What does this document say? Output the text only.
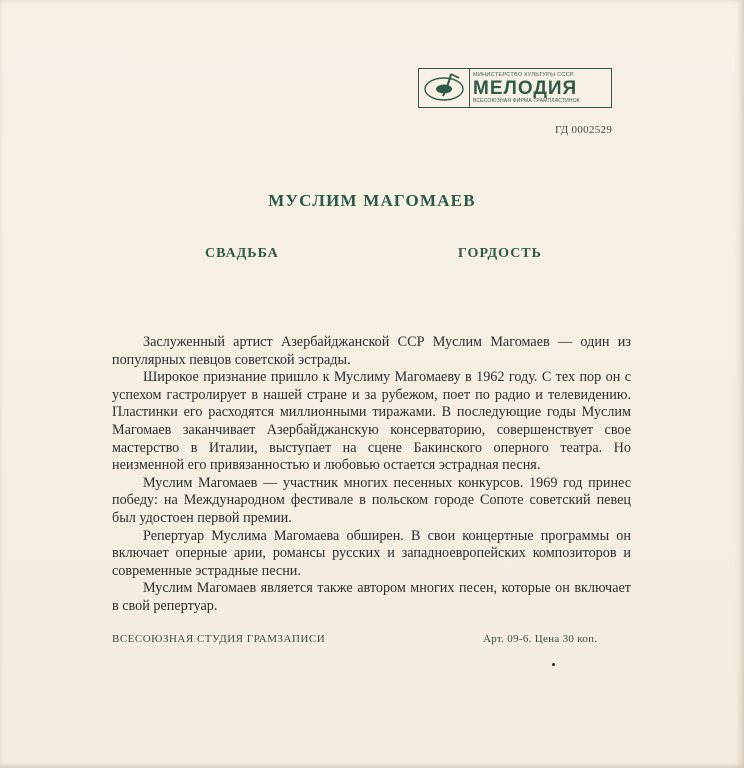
МИНИСТЕРСТВО КУЛЬТУРЫ СССР
МЕЛОДИЯ
ВСЕСОЮЗНАЯ ФИРМА ГРАМПЛАСТИНОК
ГД 0002529
МУСЛИМ МАГОМАЕВ
СВАДЬБА	ГОРДОСТЬ

Заслуженный артист Азербайджанской ССР Муслим Магомаев — один из популярных певцов советской эстрады.

Широкое признание пришло к Муслиму Магомаеву в 1962 году. С тех пор он с успехом гастролирует в нашей стране и за рубежом, поет по радио и телевидению. Пластинки его расходятся миллионными тиражами. В последующие годы Муслим Магомаев заканчивает Азербайджанскую консерваторию, совершенствует свое мастерство в Италии, выступает на сцене Бакинского оперного театра. Но неизменной его привязанностью и любовью остается эстрадная песня.

Муслим Магомаев — участник многих песенных конкурсов. 1969 год принес победу: на Международном фестивале в польском городе Сопоте советский певец был удостоен первой премии.

Репертуар Муслима Магомаева обширен. В свои концертные программы он включает оперные арии, романсы русских и западноевропейских композиторов и современные эстрадные песни.

Муслим Магомаев является также автором многих песен, которые он включает в свой репертуар.

ВСЕСОЮЗНАЯ СТУДИЯ ГРАМЗАПИСИ	Арт. 09-6. Цена 30 коп.
